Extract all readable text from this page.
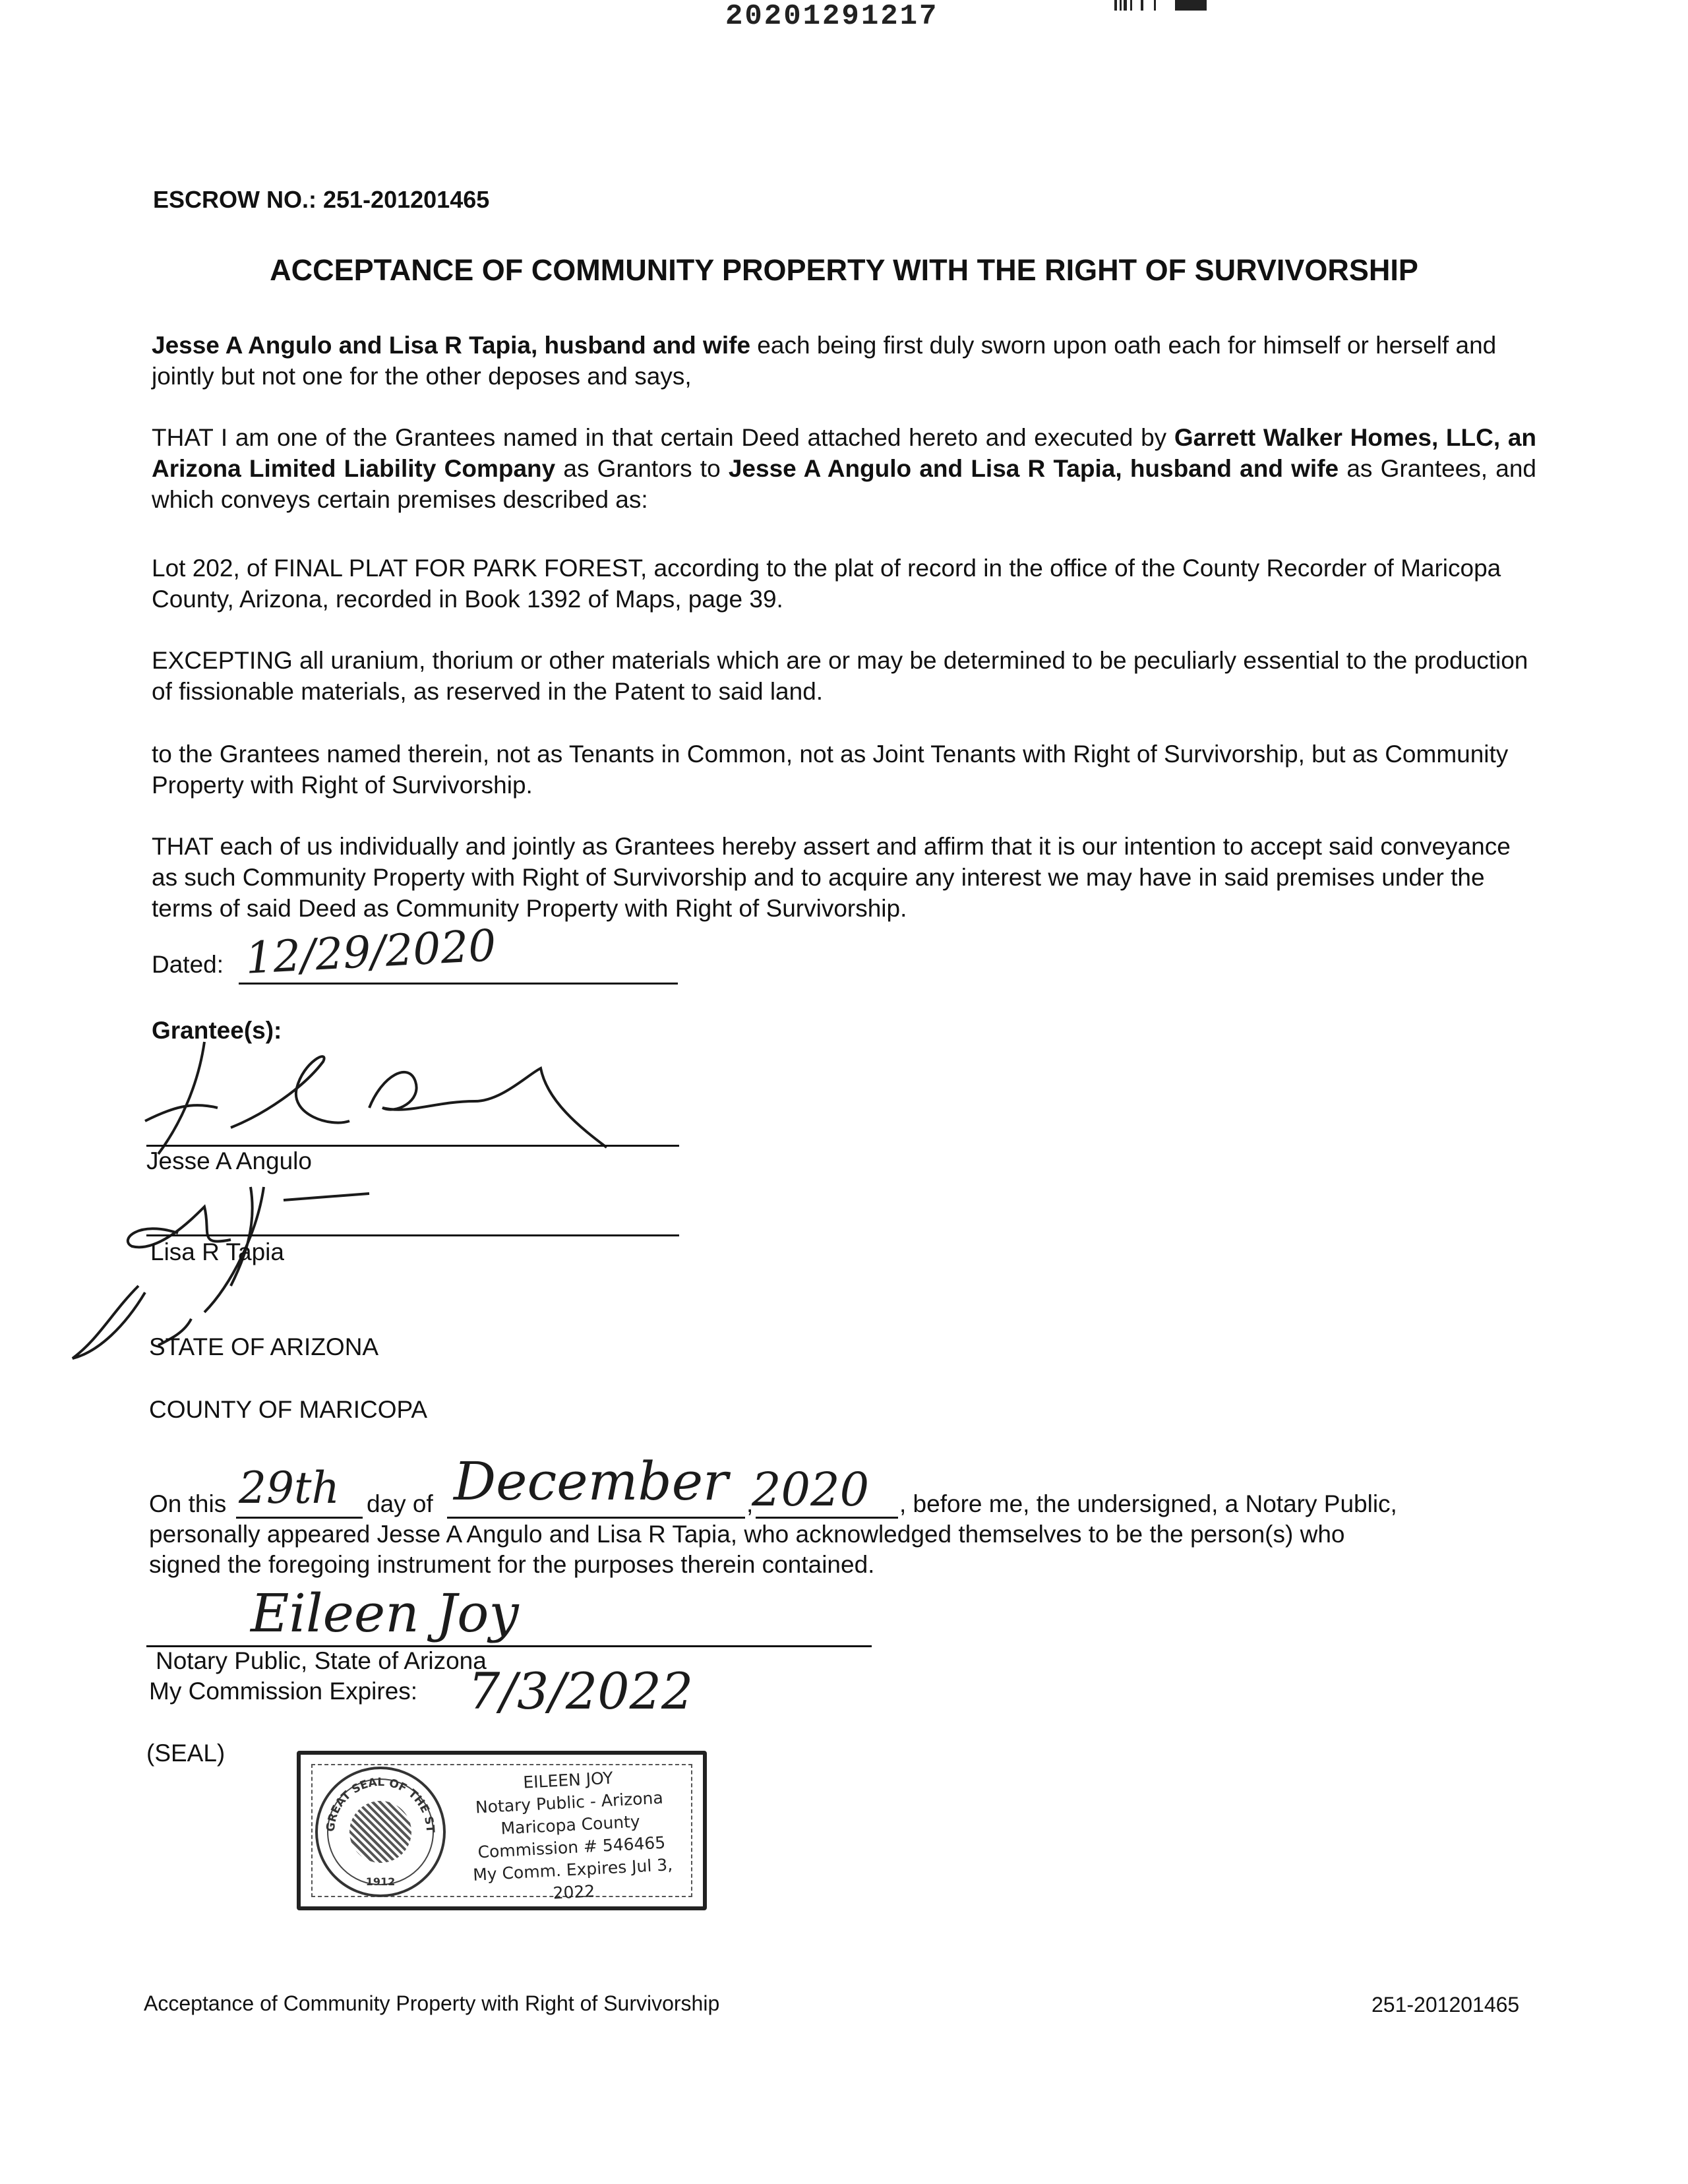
20201291217
ESCROW NO.: 251-201201465
ACCEPTANCE OF COMMUNITY PROPERTY WITH THE RIGHT OF SURVIVORSHIP
Jesse A Angulo and Lisa R Tapia, husband and wife each being first duly sworn upon oath each for himself or herself and jointly but not one for the other deposes and says,
THAT I am one of the Grantees named in that certain Deed attached hereto and executed by Garrett Walker Homes, LLC, an Arizona Limited Liability Company as Grantors to Jesse A Angulo and Lisa R Tapia, husband and wife as Grantees, and which conveys certain premises described as:
Lot 202, of FINAL PLAT FOR PARK FOREST, according to the plat of record in the office of the County Recorder of Maricopa County, Arizona, recorded in Book 1392 of Maps, page 39.
EXCEPTING all uranium, thorium or other materials which are or may be determined to be peculiarly essential to the production of fissionable materials, as reserved in the Patent to said land.
to the Grantees named therein, not as Tenants in Common, not as Joint Tenants with Right of Survivorship, but as Community Property with Right of Survivorship.
THAT each of us individually and jointly as Grantees hereby assert and affirm that it is our intention to accept said conveyance as such Community Property with Right of Survivorship and to acquire any interest we may have in said premises under the terms of said Deed as Community Property with Right of Survivorship.
Dated: 12/29/2020
Grantee(s):
Jesse A Angulo
Lisa R Tapia
STATE OF ARIZONA
COUNTY OF MARICOPA
On this 29th day of December ,
2020 , before me, the undersigned, a Notary Public,
personally appeared Jesse A Angulo and Lisa R Tapia, who acknowledged themselves to be the person(s) who
signed the foregoing instrument for the purposes therein contained.
Eileen Joy
Notary Public, State of Arizona
My Commission Expires: 7/3/2022
(SEAL)
GREAT SEAL OF THE STATE OF ARIZONA
1912
EILEEN JOY
Notary Public - Arizona
Maricopa County
Commission # 546465
My Comm. Expires Jul 3, 2022
Acceptance of Community Property with Right of Survivorship	251-201201465
